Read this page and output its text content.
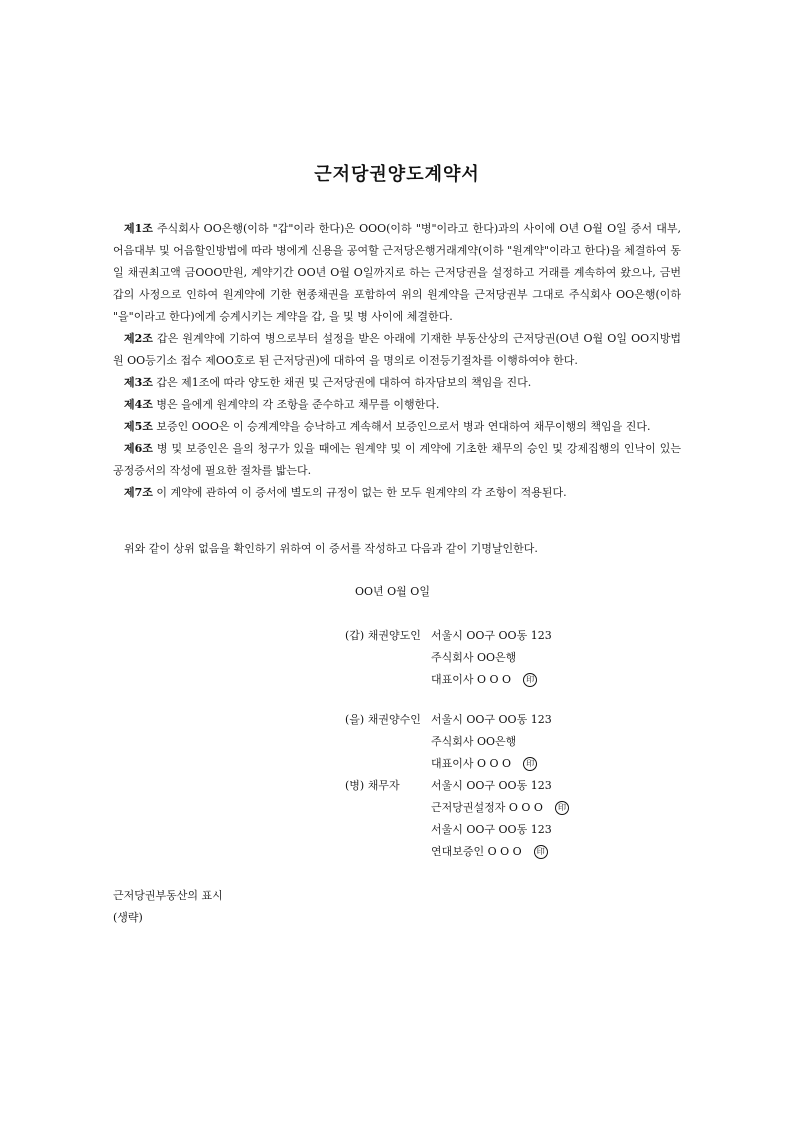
근저당권양도계약서

제1조 주식회사 OO은행(이하 "갑"이라 한다)은 OOO(이하 "병"이라고 한다)과의 사이에 O년 O월 O일 증서 대부, 어음대부 및 어음할인방법에 따라 병에게 신용을 공여할 근저당은행거래계약(이하 "원계약"이라고 한다)을 체결하여 동일 채권최고액 금OOO만원, 계약기간 OO년 O월 O일까지로 하는 근저당권을 설정하고 거래를 계속하여 왔으나, 금번 갑의 사정으로 인하여 원계약에 기한 현종채권을 포함하여 위의 원계약을 근저당권부 그대로 주식회사 OO은행(이하 "을"이라고 한다)에게 승계시키는 계약을 갑, 을 및 병 사이에 체결한다.

제2조 갑은 원계약에 기하여 병으로부터 설정을 받은 아래에 기재한 부동산상의 근저당권(O년 O월 O일 OO지방법원 OO등기소 접수 제OO호로 된 근저당권)에 대하여 을 명의로 이전등기절차를 이행하여야 한다.

제3조 갑은 제1조에 따라 양도한 채권 및 근저당권에 대하여 하자담보의 책임을 진다.

제4조 병은 을에게 원계약의 각 조항을 준수하고 채무를 이행한다.

제5조 보증인 OOO은 이 승계계약을 승낙하고 계속해서 보증인으로서 병과 연대하여 채무이행의 책임을 진다.

제6조 병 및 보증인은 을의 청구가 있을 때에는 원계약 및 이 계약에 기초한 채무의 승인 및 강제집행의 인낙이 있는 공정증서의 작성에 필요한 절차를 밟는다.

제7조 이 계약에 관하여 이 증서에 별도의 규정이 없는 한 모두 원계약의 각 조항이 적용된다.

위와 같이 상위 없음을 확인하기 위하여 이 증서를 작성하고 다음과 같이 기명날인한다.
OO년 O월 O일
(갑) 채권양도인 서울시 OO구 OO동 123
주식회사 OO은행
대표이사 O O O 印
(을) 채권양수인 서울시 OO구 OO동 123
주식회사 OO은행
대표이사 O O O 印
(병) 채무자	서울시 OO구 OO동 123
근저당권설정자 O O O 印
서울시 OO구 OO동 123
연대보증인 O O O 印
근저당권부동산의 표시
(생략)
